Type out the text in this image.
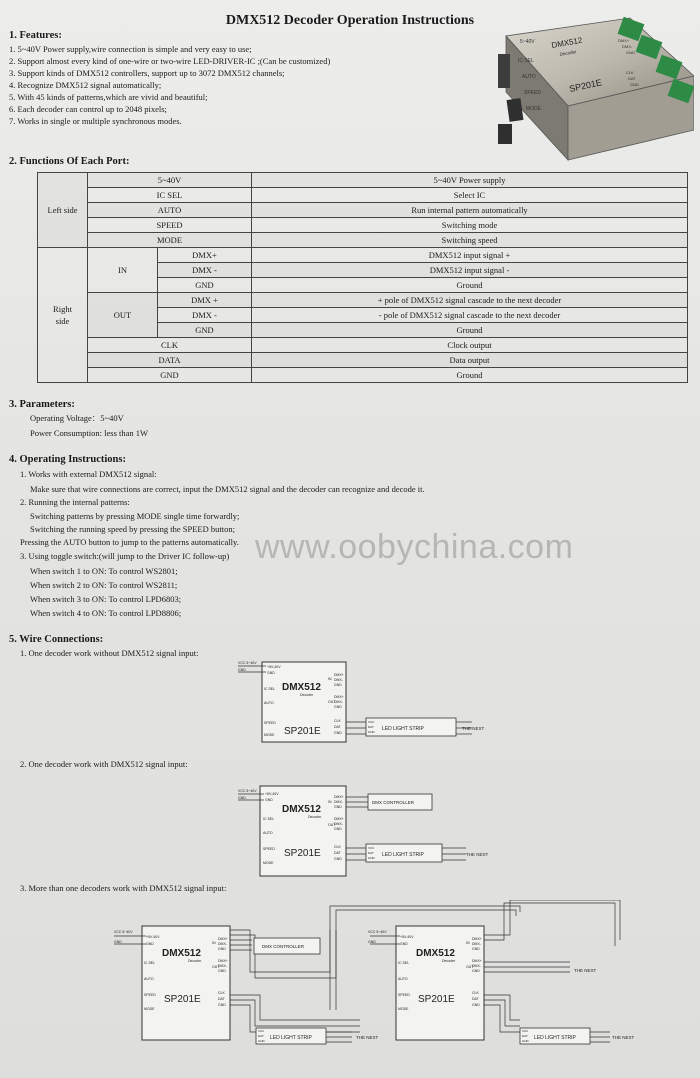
DMX512 Decoder Operation Instructions
5~40V DMX512
Decoder
SP201E
IC SEL
AUTO
SPEED
MODE
DMX+
DMX-
GND
CLK
DAT
GND
1. Features:
1. 5~40V Power supply,wire connection is simple and very easy to use;
2. Support almost every kind of one-wire or two-wire LED-DRIVER-IC ;(Can be customized)
3. Support kinds of DMX512 controllers, support up to 3072 DMX512 channels;
4. Recognize DMX512 signal automatically;
5. With 45 kinds of patterns,which are vivid and beautiful;
6. Each decoder can control up to 2048 pixels;
7. Works in single or multiple synchronous modes.
2. Functions Of Each Port:
Left side	5~40V		5~40V Power supply
	IC SEL		Select IC
	AUTO		Run internal pattern automatically
	SPEED		Switching mode
	MODE		Switching speed
Right side	IN	DMX+	DMX512 input signal +
		DMX -	DMX512 input signal -
		GND	Ground
	OUT	DMX +	+ pole of DMX512 signal cascade to the next decoder
		DMX -	- pole of DMX512 signal cascade to the next decoder
		GND	Ground
	CLK		Clock output
	DATA		Data output
	GND		Ground
3. Parameters:
Operating Voltage：5~40V
Power Consumption: less than 1W
4. Operating Instructions:
1. Works with external DMX512 signal:
Make sure that wire connections are correct, input the DMX512 signal and the decoder can recognize and decode it.
2. Running the internal patterns:
Switching patterns by pressing MODE single time forwardly;
Switching the running speed by pressing the SPEED button;
Pressing the AUTO button to jump to the patterns automatically.
3. Using toggle switch:(will jump to the Driver IC follow-up)
When switch 1 to ON: To control WS2801;
When switch 2 to ON: To control WS2811;
When switch 3 to ON: To control LPD6803;
When switch 4 to ON: To control LPD8806;
www.oobychina.com
5. Wire Connections:
1. One decoder work without DMX512 signal input:
2. One decoder work with DMX512 signal input:
3. More than one decoders work with DMX512 signal input:
VCC 5~40V
GND
+5V-40V
GND
DMX512
Decoder
SP201E
IC SEL
AUTO
SPEED
MODE
DMX+
DMX-
GND
DMX+
DMX-
GND
CLK
DAT
GND
IN
OUT
VCC
DAT
GND LED LIGHT STRIP	THE NEXT
VCC 5~40V
GND
+5V-40V
GND
DMX512
Decoder
SP201E
IC SEL
AUTO
SPEED
MODE
DMX+
DMX-
GND
DMX+
DMX-
GND
CLK
DAT
GND
IN
OUT
DMX CONTROLLER
VCC
DAT
GND LED LIGHT STRIP	THE NEXT
VCC 5~40V
GND
+5V-40V
GND
DMX512
Decoder
SP201E
IC SEL
AUTO
SPEED
MODE
DMX+
DMX-
GND
DMX+
DMX-
GND
CLK
DAT
GND
IN
OUT
DMX CONTROLLER
VCC
DAT
GND LED LIGHT STRIP	THE NEXT
VCC 5~40V
GND
+5V-40V
GND
DMX512
Decoder
SP201E
IC SEL
AUTO
SPEED
MODE
DMX+
DMX-
GND
DMX+
DMX-
GND
CLK
DAT
GND
IN
OUT
THE NEXT
VCC
DAT
GND LED LIGHT STRIP	THE NEXT
